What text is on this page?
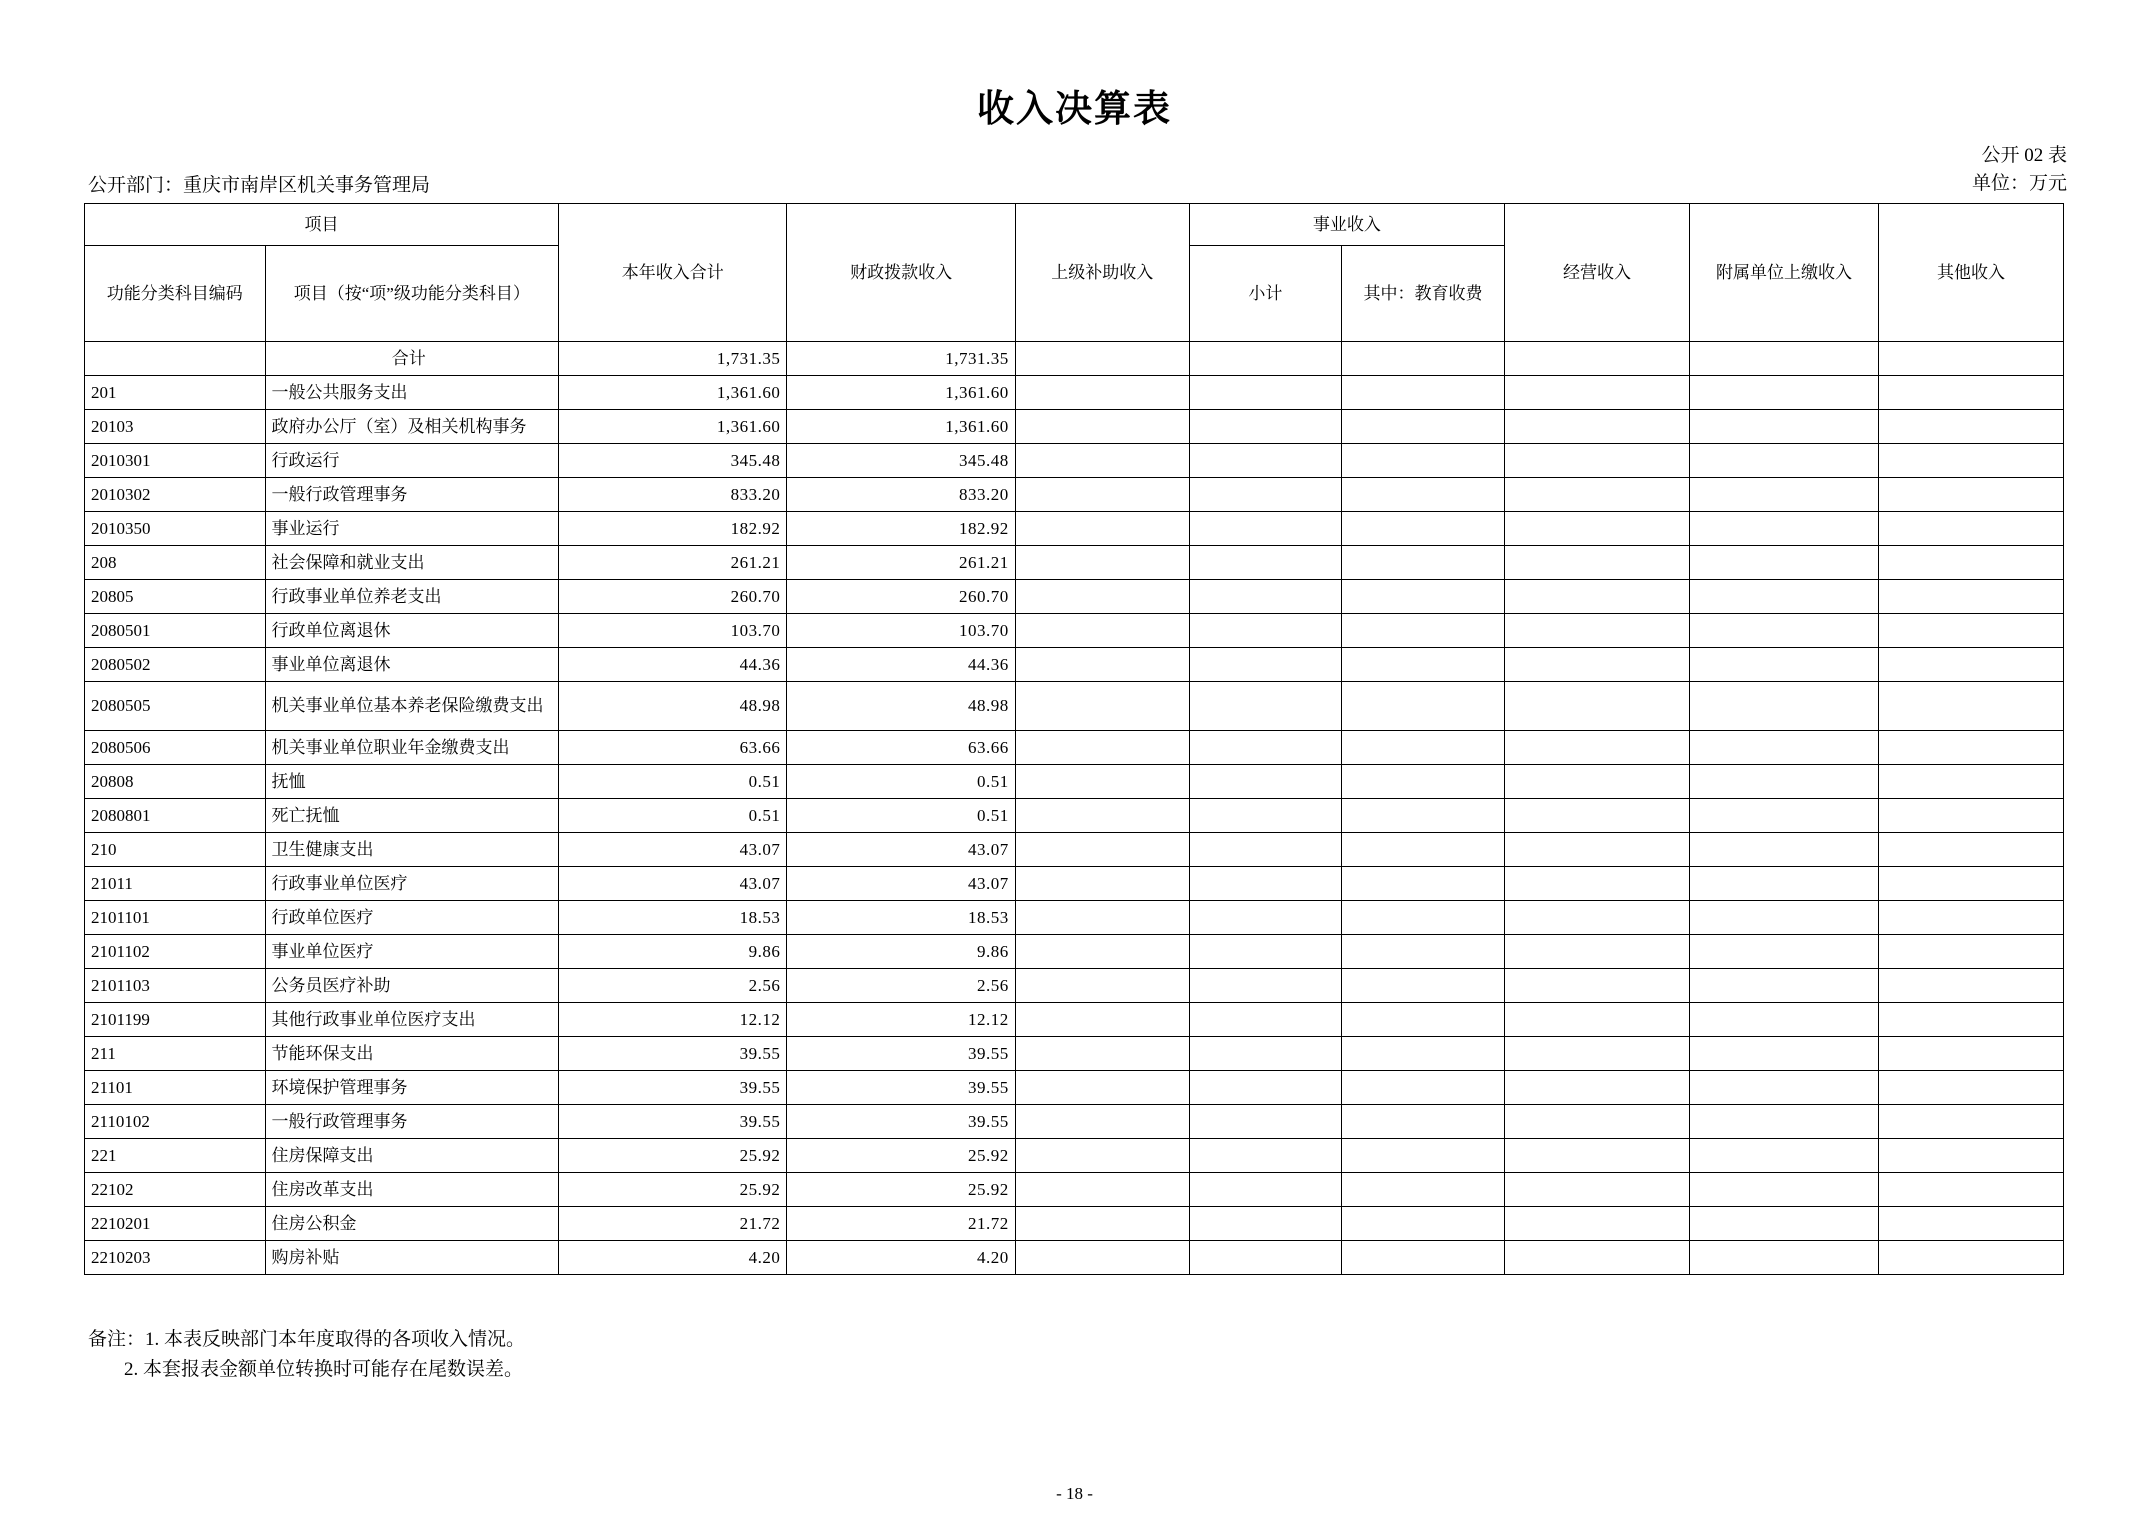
收入决算表
公开 02 表
单位：万元
公开部门：重庆市南岸区机关事务管理局
项目		本年收入合计	财政拨款收入	上级补助收入	事业收入		经营收入	附属单位上缴收入	其他收入
功能分类科目编码	项目（按“项”级功能分类科目）				小计	其中：教育收费			
	合计	1,731.35	1,731.35						
201	一般公共服务支出	1,361.60	1,361.60						
20103	政府办公厅（室）及相关机构事务	1,361.60	1,361.60						
2010301	行政运行	345.48	345.48						
2010302	一般行政管理事务	833.20	833.20						
2010350	事业运行	182.92	182.92						
208	社会保障和就业支出	261.21	261.21						
20805	行政事业单位养老支出	260.70	260.70						
2080501	行政单位离退休	103.70	103.70						
2080502	事业单位离退休	44.36	44.36						
2080505	机关事业单位基本养老保险缴费支出	48.98	48.98						
2080506	机关事业单位职业年金缴费支出	63.66	63.66						
20808	抚恤	0.51	0.51						
2080801	死亡抚恤	0.51	0.51						
210	卫生健康支出	43.07	43.07						
21011	行政事业单位医疗	43.07	43.07						
2101101	行政单位医疗	18.53	18.53						
2101102	事业单位医疗	9.86	9.86						
2101103	公务员医疗补助	2.56	2.56						
2101199	其他行政事业单位医疗支出	12.12	12.12						
211	节能环保支出	39.55	39.55						
21101	环境保护管理事务	39.55	39.55						
2110102	一般行政管理事务	39.55	39.55						
221	住房保障支出	25.92	25.92						
22102	住房改革支出	25.92	25.92						
2210201	住房公积金	21.72	21.72						
2210203	购房补贴	4.20	4.20						
备注：1. 本表反映部门本年度取得的各项收入情况。
2. 本套报表金额单位转换时可能存在尾数误差。
- 18 -
